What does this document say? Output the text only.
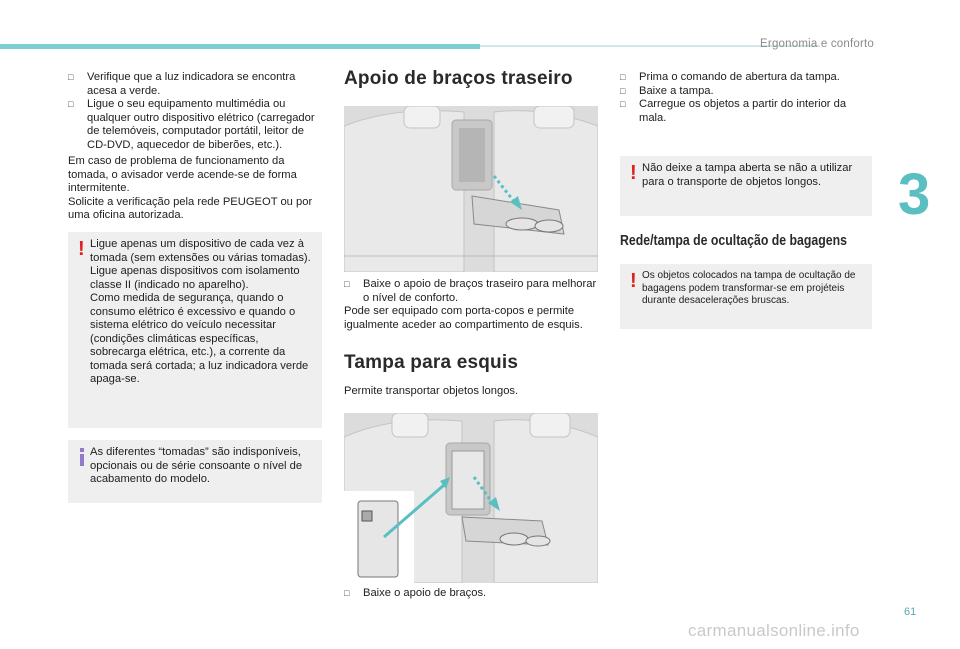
Ergonomia e conforto
3
61
carmanualsonline.info

□ Verifique que a luz indicadora se encontra acesa a verde.

□ Ligue o seu equipamento multimédia ou qualquer outro dispositivo elétrico (carregador de telemóveis, computador portátil, leitor de CD-DVD, aquecedor de biberões, etc.).

Em caso de problema de funcionamento da tomada, o avisador verde acende-se de forma intermitente.

Solicite a verificação pela rede PEUGEOT ou por uma oficina autorizada.

! Ligue apenas um dispositivo de cada vez à tomada (sem extensões ou várias tomadas).

Ligue apenas dispositivos com isolamento classe II (indicado no aparelho).

Como medida de segurança, quando o consumo elétrico é excessivo e quando o sistema elétrico do veículo necessitar (condições climáticas específicas, sobrecarga elétrica, etc.), a corrente da tomada será cortada; a luz indicadora verde apaga-se.

As diferentes “tomadas” são indisponíveis, opcionais ou de série consoante o nível de acabamento do modelo.

Apoio de braços traseiro

□ Baixe o apoio de braços traseiro para melhorar o nível de conforto.

Pode ser equipado com porta-copos e permite igualmente aceder ao compartimento de esquis.

Tampa para esquis

Permite transportar objetos longos.

□ Baixe o apoio de braços.

□ Prima o comando de abertura da tampa.

□ Baixe a tampa.

□ Carregue os objetos a partir do interior da mala.

! Não deixe a tampa aberta se não a utilizar para o transporte de objetos longos.

Rede/tampa de ocultação de bagagens
! Os objetos colocados na tampa de ocultação de bagagens podem transformar-se em projéteis durante desacelerações bruscas.
